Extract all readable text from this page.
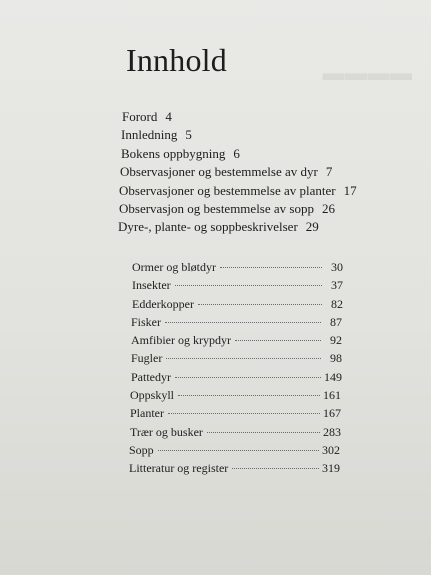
▬▬▬▬
Innhold
Forord 4
Innledning 5
Bokens oppbygning 6
Observasjoner og bestemmelse av dyr 7
Observasjoner og bestemmelse av planter 17
Observasjon og bestemmelse av sopp 26
Dyre-, plante- og soppbeskrivelser 29
Ormer og bløtdyr	30
Insekter	37
Edderkopper	82
Fisker	87
Amfibier og krypdyr	92
Fugler	98
Pattedyr	149
Oppskyll	161
Planter	167
Trær og busker	283
Sopp	302
Litteratur og register	319
